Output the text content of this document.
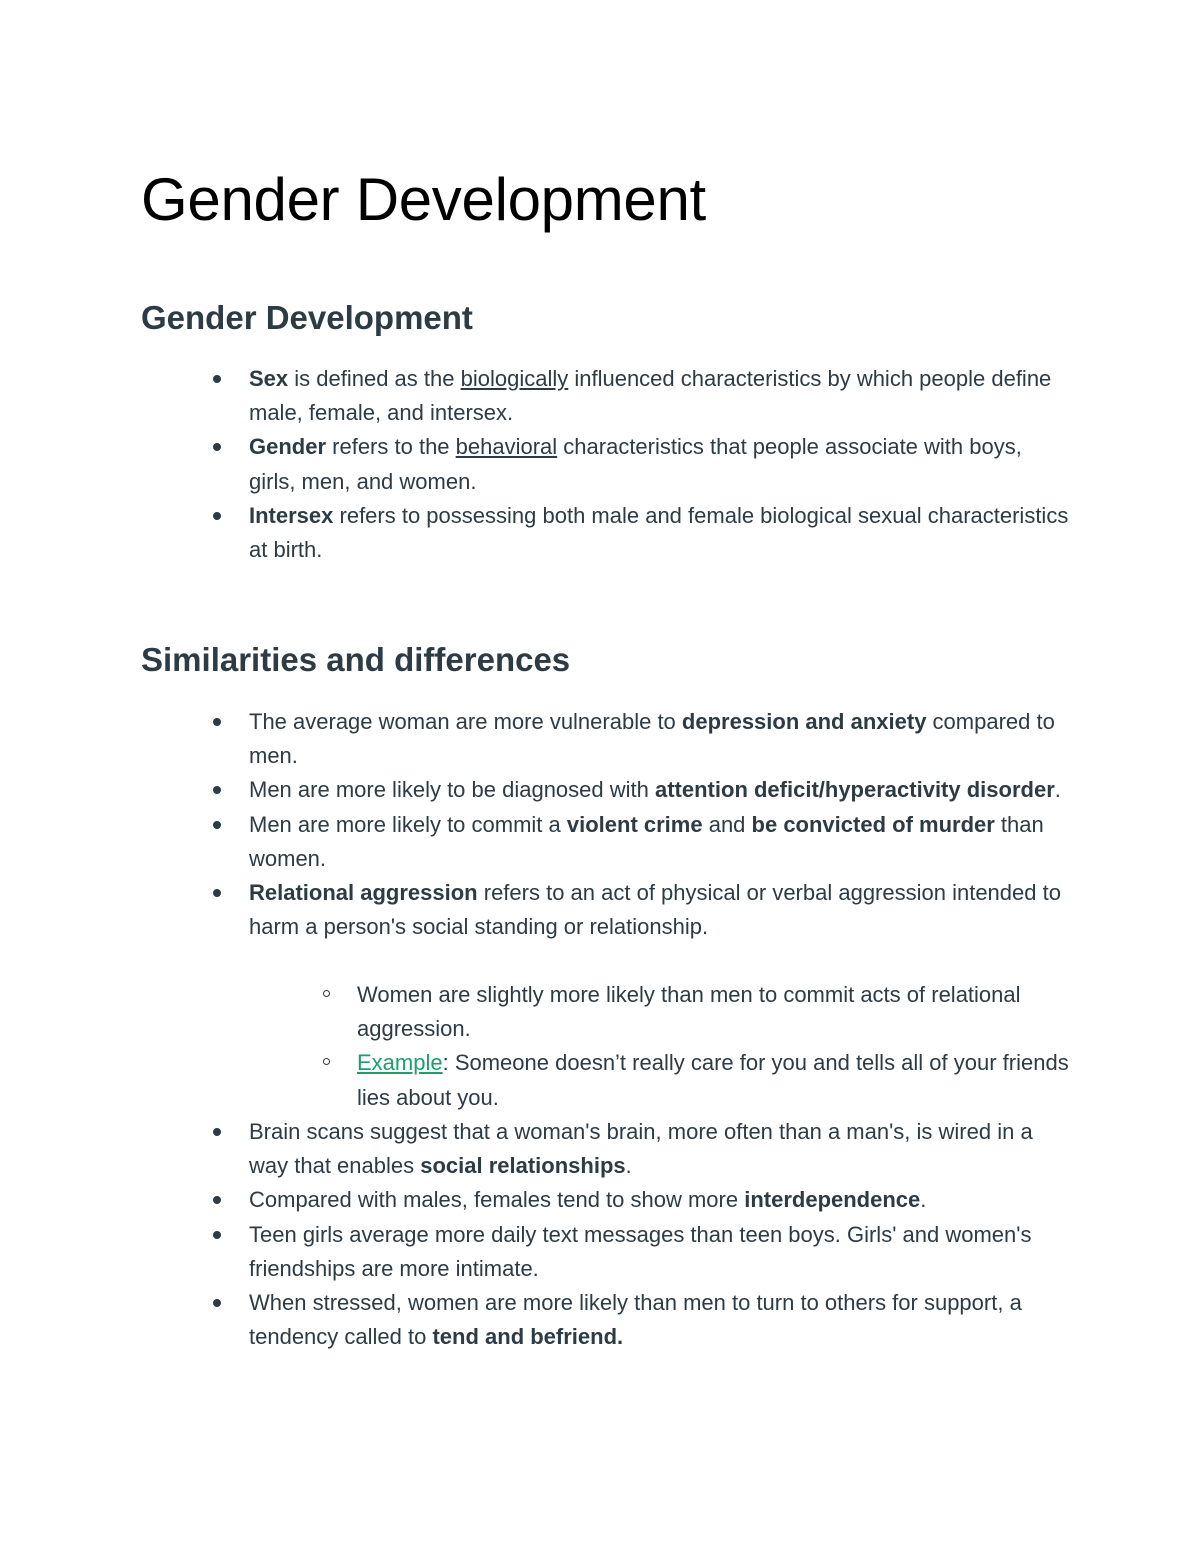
Gender Development
Gender Development
Sex is defined as the biologically influenced characteristics by which people define male, female, and intersex.
Gender refers to the behavioral characteristics that people associate with boys, girls, men, and women.
Intersex refers to possessing both male and female biological sexual characteristics at birth.
Similarities and differences
The average woman are more vulnerable to depression and anxiety compared to men.
Men are more likely to be diagnosed with attention deficit/hyperactivity disorder.
Men are more likely to commit a violent crime and be convicted of murder than women.
Relational aggression refers to an act of physical or verbal aggression intended to harm a person's social standing or relationship.
Women are slightly more likely than men to commit acts of relational aggression.
Example: Someone doesn’t really care for you and tells all of your friends lies about you.
Brain scans suggest that a woman's brain, more often than a man's, is wired in a way that enables social relationships.
Compared with males, females tend to show more interdependence.
Teen girls average more daily text messages than teen boys. Girls' and women's friendships are more intimate.
When stressed, women are more likely than men to turn to others for support, a tendency called to tend and befriend.
